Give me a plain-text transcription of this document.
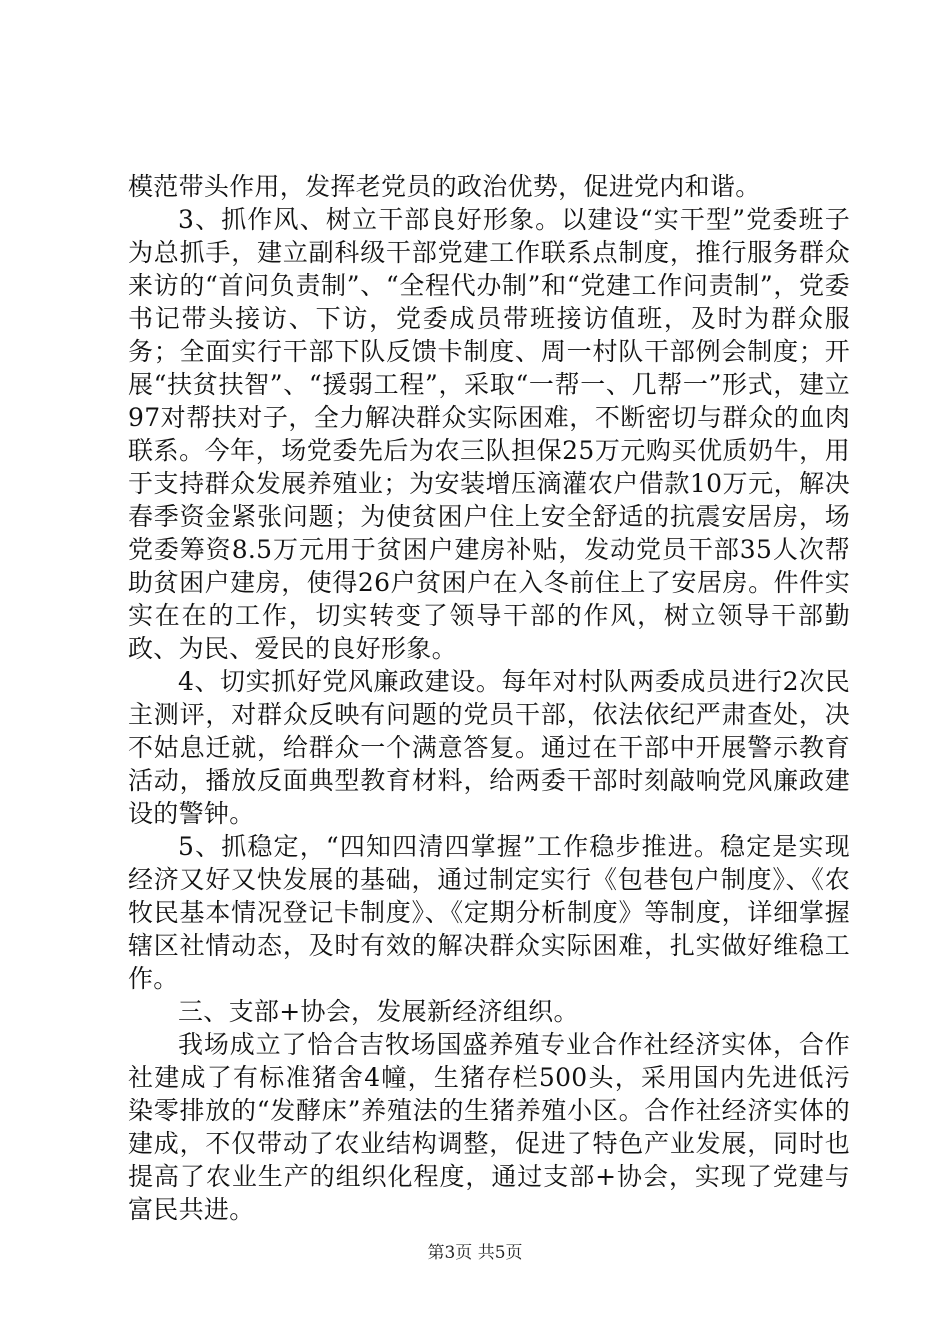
模范带头作用，发挥老党员的政治优势，促进党内和谐。

3、抓作风、树立干部良好形象。以建设“实干型”党委班子为总抓手，建立副科级干部党建工作联系点制度，推行服务群众来访的“首问负责制”、“全程代办制”和“党建工作问责制”，党委书记带头接访、下访，党委成员带班接访值班，及时为群众服务；全面实行干部下队反馈卡制度、周一村队干部例会制度；开展“扶贫扶智”、“援弱工程”，采取“一帮一、几帮一”形式，建立97对帮扶对子，全力解决群众实际困难，不断密切与群众的血肉联系。今年，场党委先后为农三队担保25万元购买优质奶牛，用于支持群众发展养殖业；为安装增压滴灌农户借款10万元，解决春季资金紧张问题；为使贫困户住上安全舒适的抗震安居房，场党委筹资8.5万元用于贫困户建房补贴，发动党员干部35人次帮助贫困户建房，使得26户贫困户在入冬前住上了安居房。件件实实在在的工作，切实转变了领导干部的作风，树立领导干部勤政、为民、爱民的良好形象。

4、切实抓好党风廉政建设。每年对村队两委成员进行2次民主测评，对群众反映有问题的党员干部，依法依纪严肃查处，决不姑息迁就，给群众一个满意答复。通过在干部中开展警示教育活动，播放反面典型教育材料，给两委干部时刻敲响党风廉政建设的警钟。

5、抓稳定，“四知四清四掌握”工作稳步推进。稳定是实现经济又好又快发展的基础，通过制定实行《包巷包户制度》、《农牧民基本情况登记卡制度》、《定期分析制度》等制度，详细掌握辖区社情动态，及时有效的解决群众实际困难，扎实做好维稳工作。

三、支部+协会，发展新经济组织。

我场成立了恰合吉牧场国盛养殖专业合作社经济实体，合作社建成了有标准猪舍4幢，生猪存栏500头，采用国内先进低污染零排放的“发酵床”养殖法的生猪养殖小区。合作社经济实体的建成，不仅带动了农业结构调整，促进了特色产业发展，同时也提高了农业生产的组织化程度，通过支部+协会，实现了党建与富民共进。

第3页 共5页
